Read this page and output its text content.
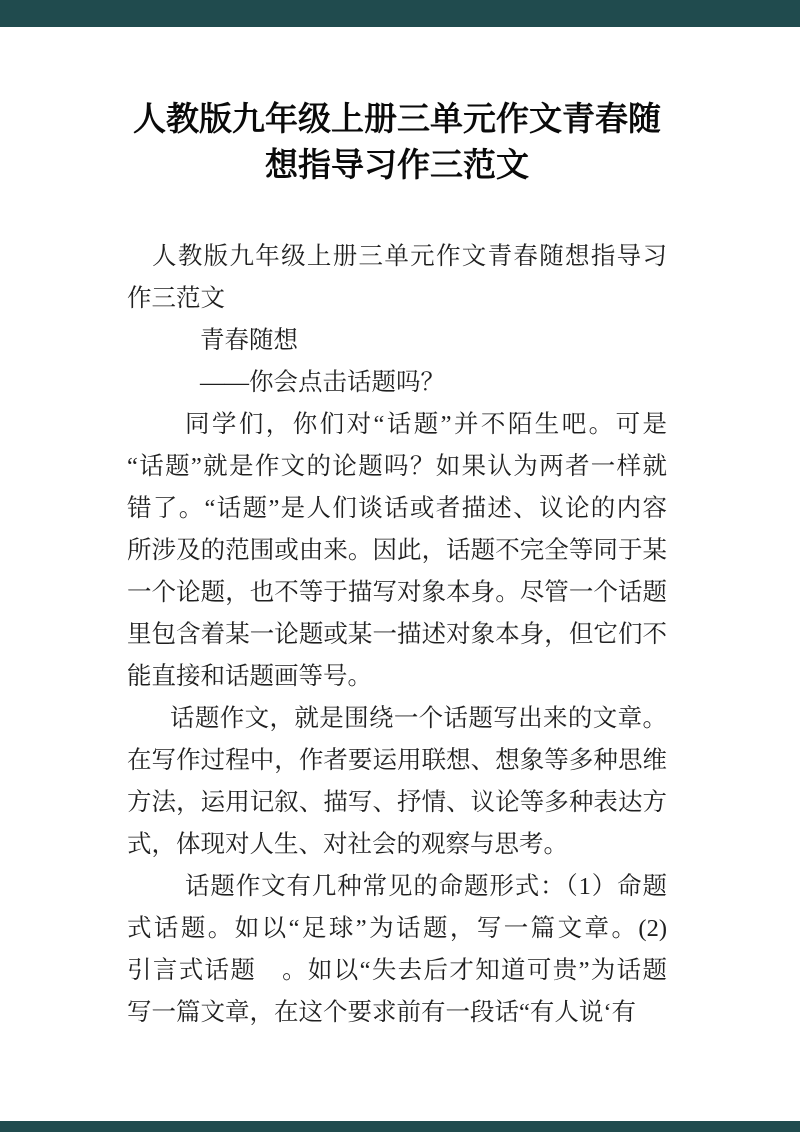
人教版九年级上册三单元作文青春随想指导习作三范文
人教版九年级上册三单元作文青春随想指导习
作三范文
青春随想
——你会点击话题吗？
同学们，你们对“话题”并不陌生吧。可是
“话题”就是作文的论题吗？如果认为两者一样就
错了。“话题”是人们谈话或者描述、议论的内容
所涉及的范围或由来。因此，话题不完全等同于某
一个论题，也不等于描写对象本身。尽管一个话题
里包含着某一论题或某一描述对象本身，但它们不
能直接和话题画等号。
话题作文，就是围绕一个话题写出来的文章。
在写作过程中，作者要运用联想、想象等多种思维
方法，运用记叙、描写、抒情、议论等多种表达方
式，体现对人生、对社会的观察与思考。
话题作文有几种常见的命题形式：（1）命题
式话题。如以“足球”为话题，写一篇文章。(2)
引言式话题　。如以“失去后才知道可贵”为话题
写一篇文章，在这个要求前有一段话“有人说‘有
